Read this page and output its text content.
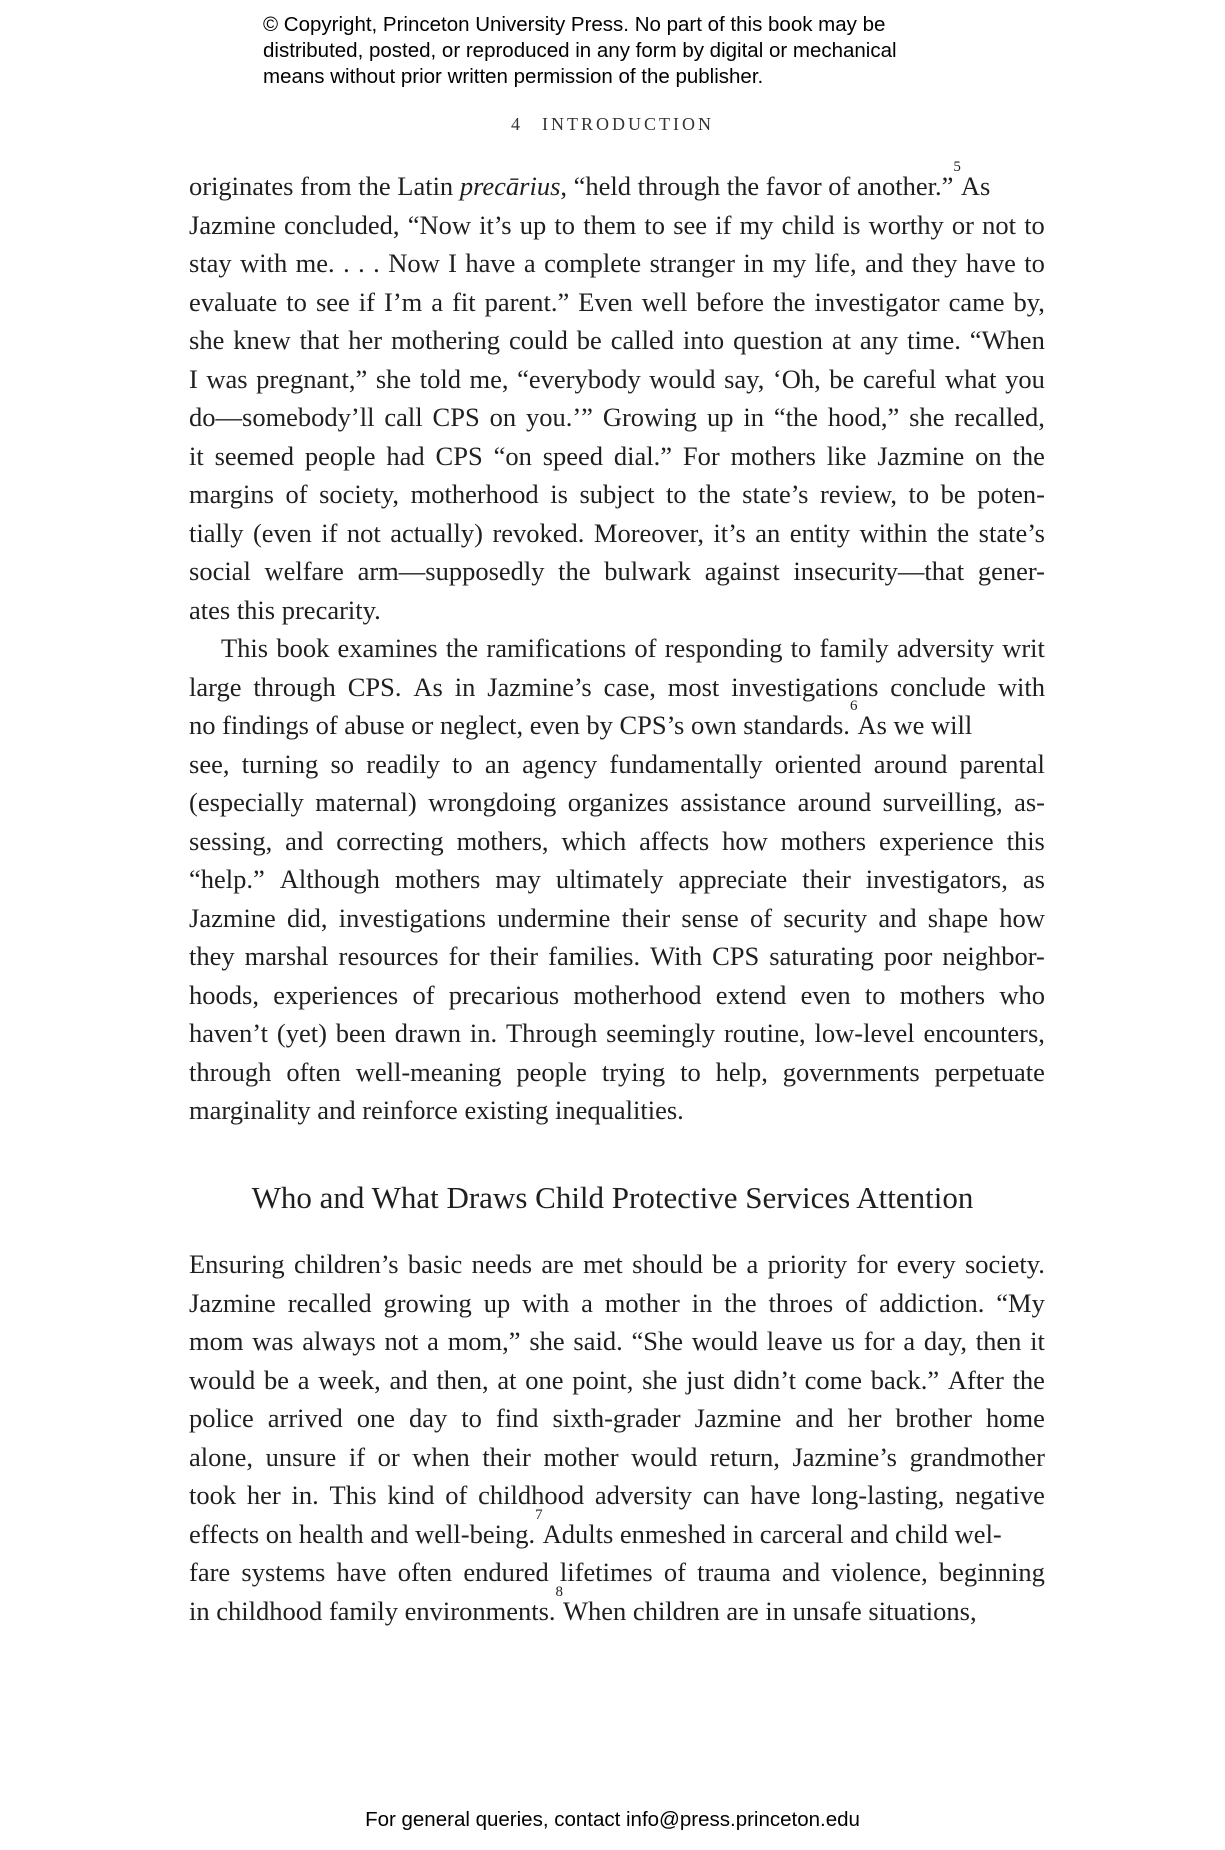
© Copyright, Princeton University Press. No part of this book may be
distributed, posted, or reproduced in any form by digital or mechanical
means without prior written permission of the publisher.
4 INTRODUCTION
originates from the Latin
precārius , “held through the favor of another.”
5
As
Jazmine concluded, “Now it’s up to them to see if my child is worthy or not to
stay with me. . . . Now I have a complete stranger in my life, and they have to
evaluate to see if I’m a fit parent.” Even well before the investigator came by,
she knew that her mothering could be called into question at any time. “When
I was pregnant,” she told me, “everybody would say, ‘Oh, be careful what you
do—somebody’ll call CPS on you.’” Growing up in “the hood,” she recalled,
it seemed people had CPS “on speed dial.” For mothers like Jazmine on the
margins of society, motherhood is subject to the state’s review, to be poten-
tially (even if not actually) revoked. Moreover, it’s an entity within the state’s
social welfare arm—supposedly the bulwark against insecurity—that gener-
ates this precarity.
This book examines the ramifications of responding to family adversity writ
large through CPS. As in Jazmine’s case, most investigations conclude with
no findings of abuse or neglect, even by CPS’s own standards.
6
As we will
see, turning so readily to an agency fundamentally oriented around parental
(especially maternal) wrongdoing organizes assistance around surveilling, as-
sessing, and correcting mothers, which affects how mothers experience this
“help.” Although mothers may ultimately appreciate their investigators, as
Jazmine did, investigations undermine their sense of security and shape how
they marshal resources for their families. With CPS saturating poor neighbor-
hoods, experiences of precarious motherhood extend even to mothers who
haven’t (yet) been drawn in. Through seemingly routine, low-level encounters,
through often well-meaning people trying to help, governments perpetuate
marginality and reinforce existing inequalities.
Who and What Draws Child Protective Services Attention
Ensuring children’s basic needs are met should be a priority for every society.
Jazmine recalled growing up with a mother in the throes of addiction. “My
mom was always not a mom,” she said. “She would leave us for a day, then it
would be a week, and then, at one point, she just didn’t come back.” After the
police arrived one day to find sixth-grader Jazmine and her brother home
alone, unsure if or when their mother would return, Jazmine’s grandmother
took her in. This kind of childhood adversity can have long-lasting, negative
effects on health and well-being.
7
Adults enmeshed in carceral and child wel-
fare systems have often endured lifetimes of trauma and violence, beginning
in childhood family environments.
8
When children are in unsafe situations,
For general queries, contact info@press.princeton.edu
